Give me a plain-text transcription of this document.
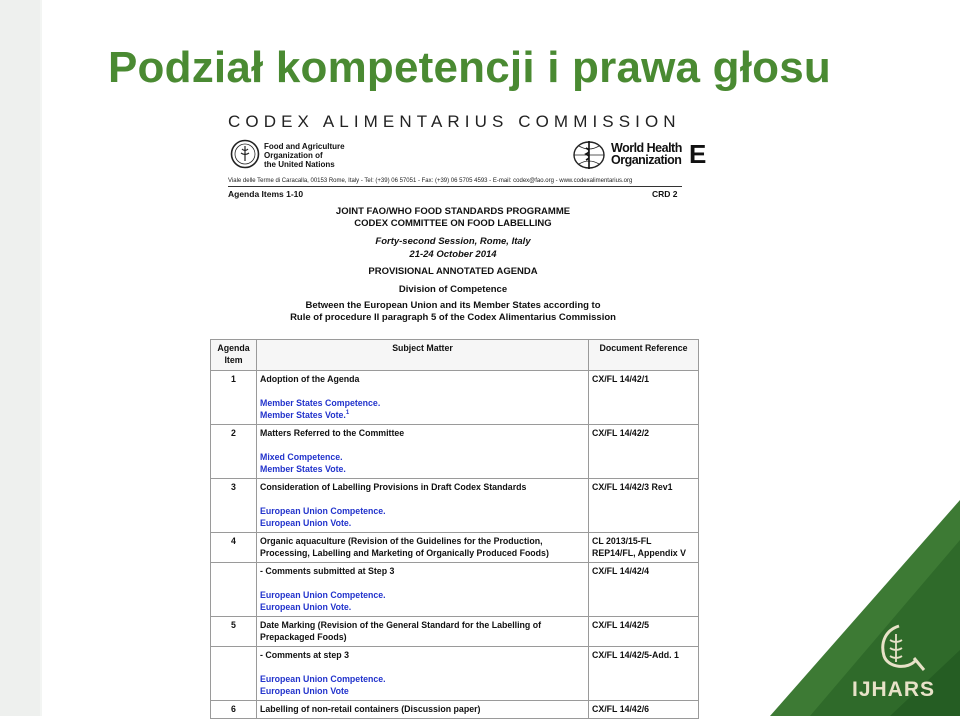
Podział kompetencji i prawa głosu
CODEX ALIMENTARIUS COMMISSION
Food and Agriculture
Organization of
the United Nations
World Health
Organization E
Viale delle Terme di Caracalla, 00153 Rome, Italy - Tel: (+39) 06 57051 - Fax: (+39) 06 5705 4593 - E-mail: codex@fao.org - www.codexalimentarius.org
Agenda Items 1-10	CRD 2
JOINT FAO/WHO FOOD STANDARDS PROGRAMME
CODEX COMMITTEE ON FOOD LABELLING
Forty-second Session, Rome, Italy
21-24 October 2014
PROVISIONAL ANNOTATED AGENDA
Division of Competence
Between the European Union and its Member States according to
Rule of procedure II paragraph 5 of the Codex Alimentarius Commission
Agenda Item	Subject Matter	Document Reference
1	Adoption of the Agenda
Member States Competence.
Member States Vote.$^1$	CX/FL 14/42/1
2	Matters Referred to the Committee
Mixed Competence.
Member States Vote.	CX/FL 14/42/2
3	Consideration of Labelling Provisions in Draft Codex Standards
European Union Competence.
European Union Vote.	CX/FL 14/42/3 Rev1
4	Organic aquaculture (Revision of the Guidelines for the Production, Processing, Labelling and Marketing of Organically Produced Foods)	CL 2013/15-FL
REP14/FL, Appendix V

	- Comments submitted at Step 3
European Union Competence.
European Union Vote.	CX/FL 14/42/4
5	Date Marking (Revision of the General Standard for the Labelling of Prepackaged Foods)	CX/FL 14/42/5
	- Comments at step 3
European Union Competence.
European Union Vote	CX/FL 14/42/5-Add. 1
6	Labelling of non-retail containers (Discussion paper)	CX/FL 14/42/6
IJHARS
